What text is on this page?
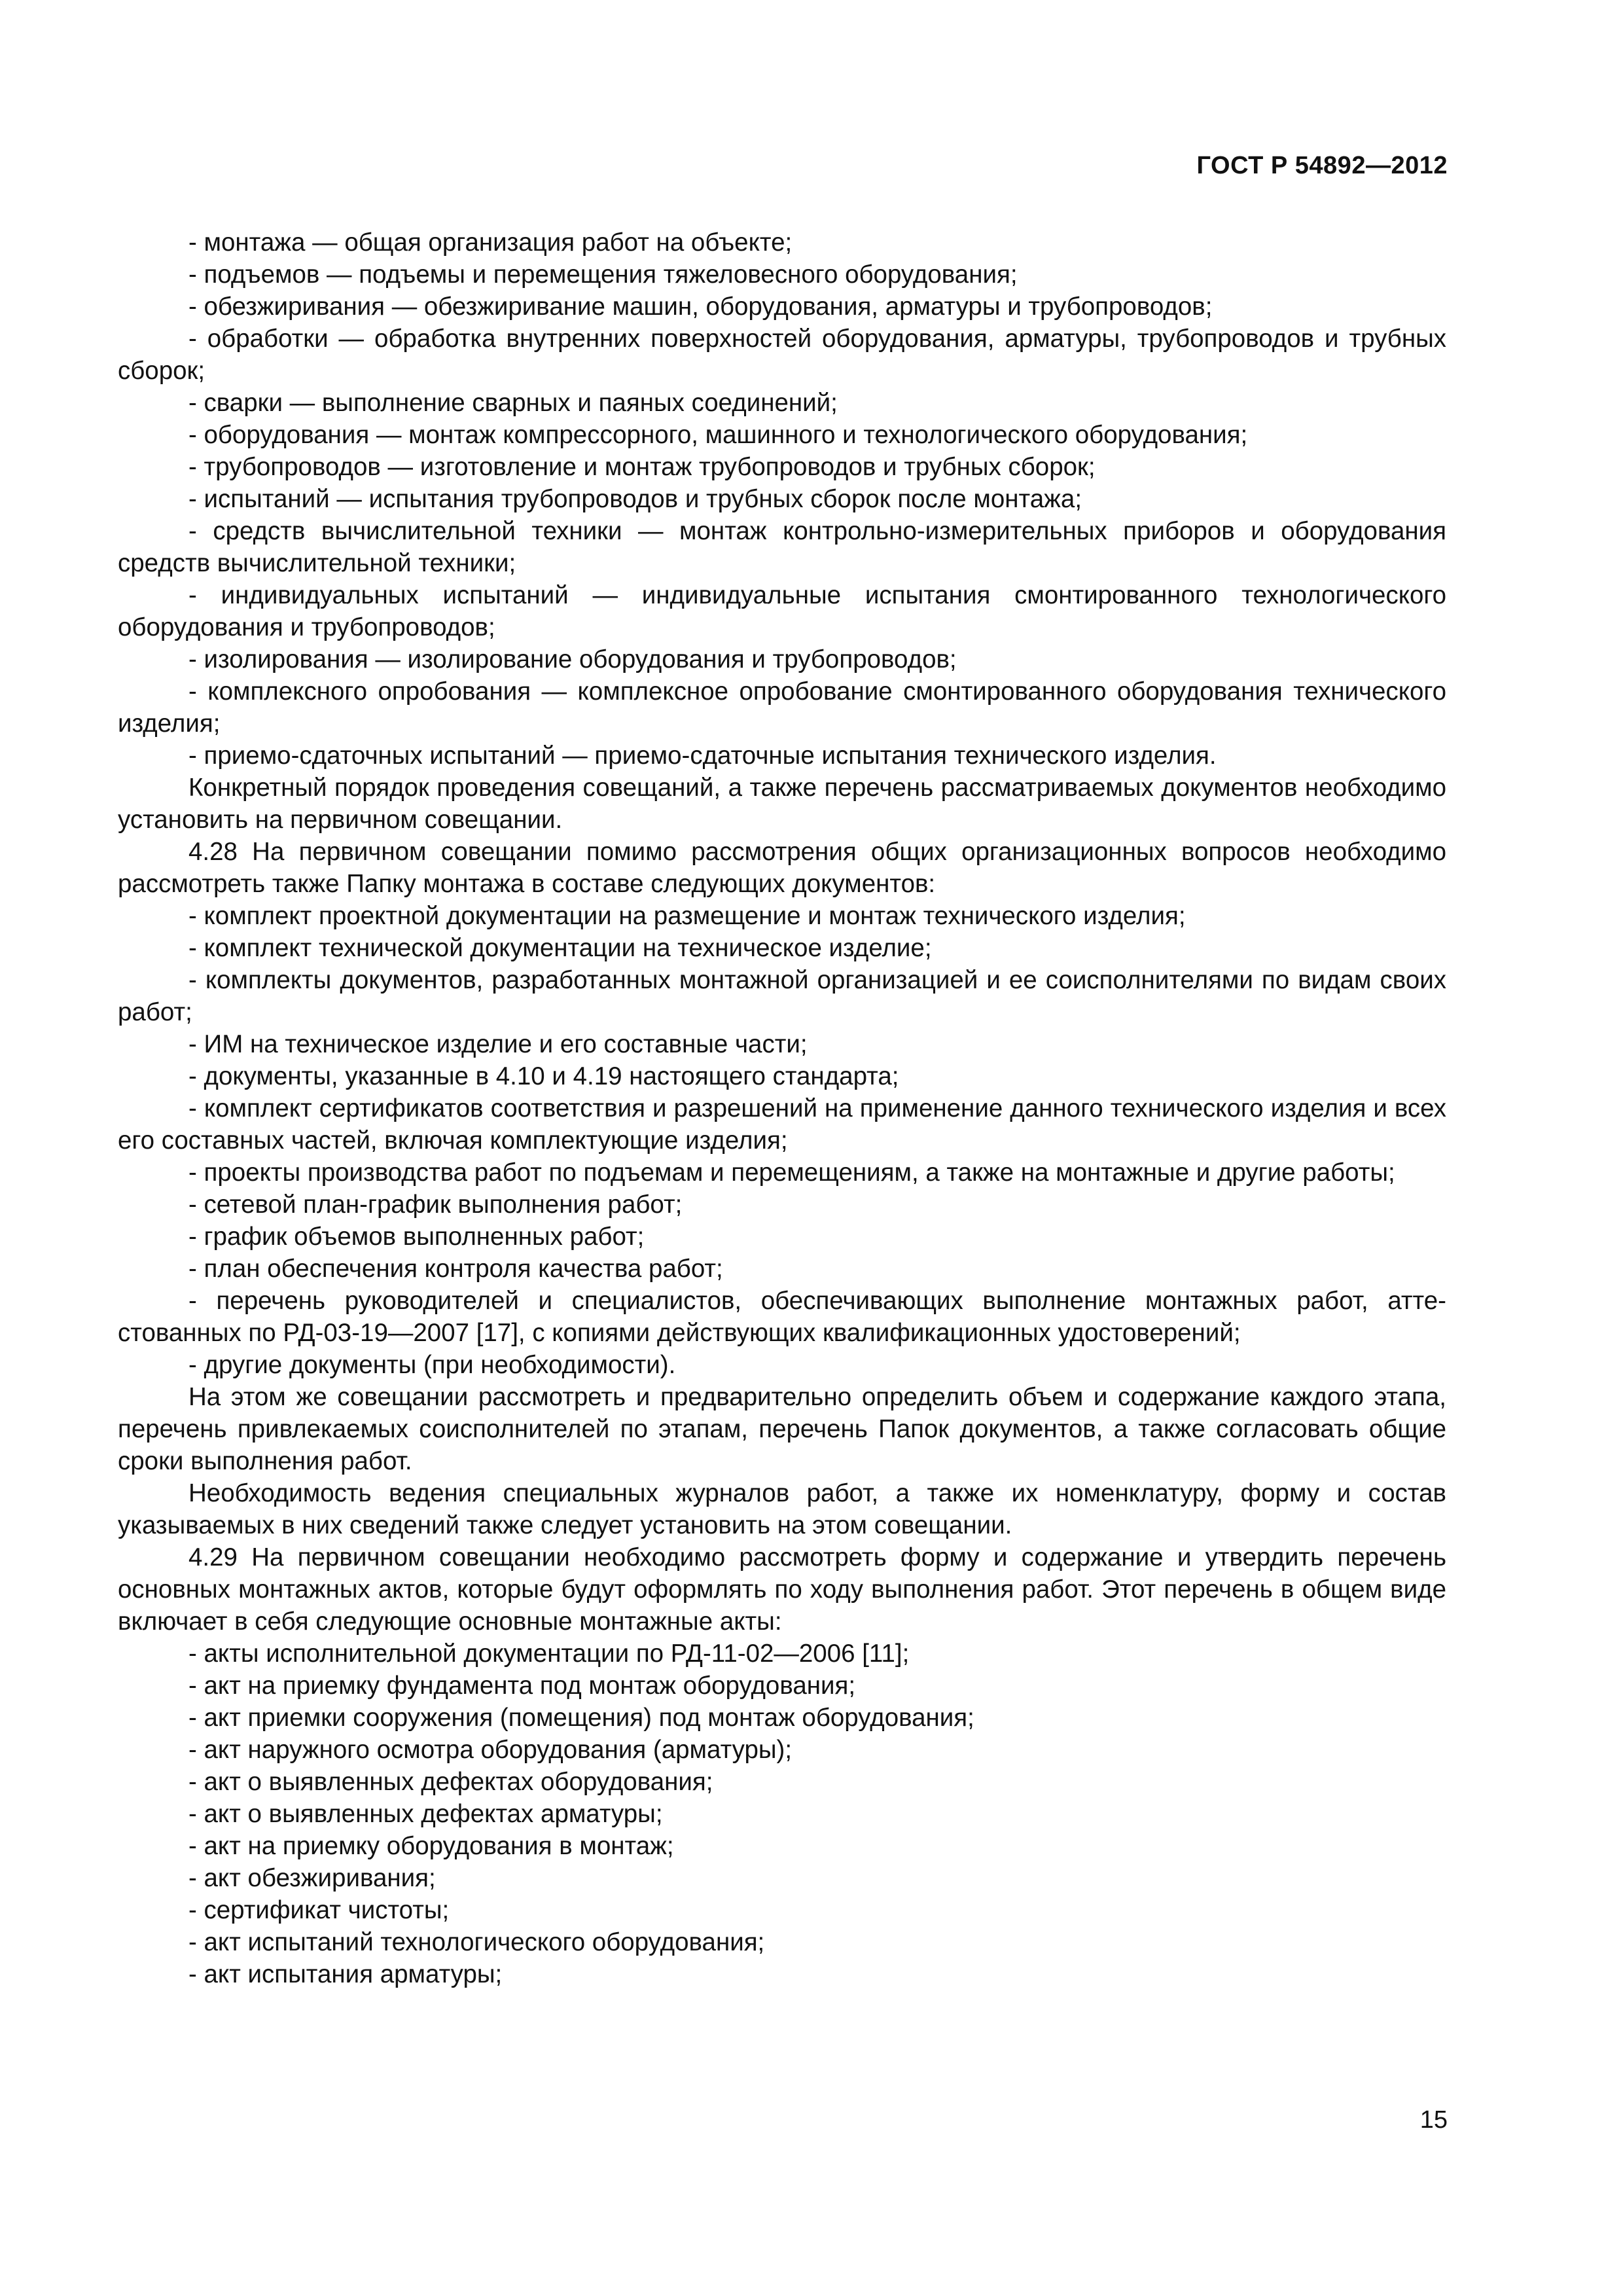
ГОСТ Р 54892—2012

- монтажа — общая организация работ на объекте;

- подъемов — подъемы и перемещения тяжеловесного оборудования;

- обезжиривания — обезжиривание машин, оборудования, арматуры и трубопроводов;

- обработки — обработка внутренних поверхностей оборудования, арматуры, трубопроводов и трубных сборок;

- сварки — выполнение сварных и паяных соединений;

- оборудования — монтаж компрессорного, машинного и технологического оборудования;

- трубопроводов — изготовление и монтаж трубопроводов и трубных сборок;

- испытаний — испытания трубопроводов и трубных сборок после монтажа;

- средств вычислительной техники — монтаж контрольно-измерительных приборов и оборудования средств вычислительной техники;

- индивидуальных испытаний — индивидуальные испытания смонтированного технологического оборудования и трубопроводов;

- изолирования — изолирование оборудования и трубопроводов;

- комплексного опробования — комплексное опробование смонтированного оборудования технического изделия;

- приемо-сдаточных испытаний — приемо-сдаточные испытания технического изделия.

Конкретный порядок проведения совещаний, а также перечень рассматриваемых документов необходимо установить на первичном совещании.

4.28 На первичном совещании помимо рассмотрения общих организационных вопросов необходимо рассмотреть также Папку монтажа в составе следующих документов:

- комплект проектной документации на размещение и монтаж технического изделия;

- комплект технической документации на техническое изделие;

- комплекты документов, разработанных монтажной организацией и ее соисполнителями по видам своих работ;

- ИМ на техническое изделие и его составные части;

- документы, указанные в 4.10 и 4.19 настоящего стандарта;

- комплект сертификатов соответствия и разрешений на применение данного технического изделия и всех его составных частей, включая комплектующие изделия;

- проекты производства работ по подъемам и перемещениям, а также на монтажные и другие работы;

- сетевой план-график выполнения работ;

- график объемов выполненных работ;

- план обеспечения контроля качества работ;

- перечень руководителей и специалистов, обеспечивающих выполнение монтажных работ, аттестованных по РД-03-19—2007 [17], с копиями действующих квалификационных удостоверений;

- другие документы (при необходимости).

На этом же совещании рассмотреть и предварительно определить объем и содержание каждого этапа, перечень привлекаемых соисполнителей по этапам, перечень Папок документов, а также согласовать общие сроки выполнения работ.

Необходимость ведения специальных журналов работ, а также их номенклатуру, форму и состав указываемых в них сведений также следует установить на этом совещании.

4.29 На первичном совещании необходимо рассмотреть форму и содержание и утвердить перечень основных монтажных актов, которые будут оформлять по ходу выполнения работ. Этот перечень в общем виде включает в себя следующие основные монтажные акты:

- акты исполнительной документации по РД-11-02—2006 [11];

- акт на приемку фундамента под монтаж оборудования;

- акт приемки сооружения (помещения) под монтаж оборудования;

- акт наружного осмотра оборудования (арматуры);

- акт о выявленных дефектах оборудования;

- акт о выявленных дефектах арматуры;

- акт на приемку оборудования в монтаж;

- акт обезжиривания;

- сертификат чистоты;

- акт испытаний технологического оборудования;

- акт испытания арматуры;

15
